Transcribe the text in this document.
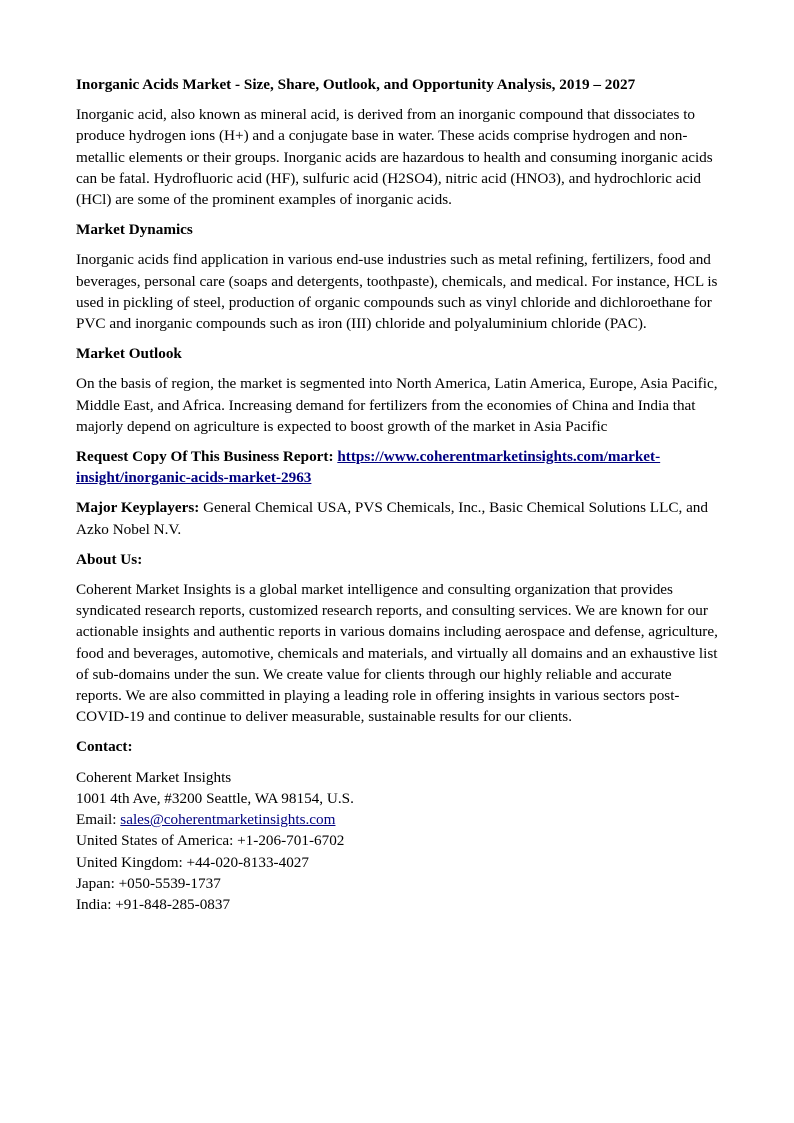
Inorganic Acids Market - Size, Share, Outlook, and Opportunity Analysis, 2019 – 2027

Inorganic acid, also known as mineral acid, is derived from an inorganic compound that dissociates to produce hydrogen ions (H+) and a conjugate base in water. These acids comprise hydrogen and non-metallic elements or their groups. Inorganic acids are hazardous to health and consuming inorganic acids can be fatal. Hydrofluoric acid (HF), sulfuric acid (H2SO4), nitric acid (HNO3), and hydrochloric acid (HCl) are some of the prominent examples of inorganic acids.

Market Dynamics

Inorganic acids find application in various end-use industries such as metal refining, fertilizers, food and beverages, personal care (soaps and detergents, toothpaste), chemicals, and medical. For instance, HCL is used in pickling of steel, production of organic compounds such as vinyl chloride and dichloroethane for PVC and inorganic compounds such as iron (III) chloride and polyaluminium chloride (PAC).

Market Outlook

On the basis of region, the market is segmented into North America, Latin America, Europe, Asia Pacific, Middle East, and Africa. Increasing demand for fertilizers from the economies of China and India that majorly depend on agriculture is expected to boost growth of the market in Asia Pacific

Request Copy Of This Business Report: https://www.coherentmarketinsights.com/market-insight/inorganic-acids-market-2963

Major Keyplayers: General Chemical USA, PVS Chemicals, Inc., Basic Chemical Solutions LLC, and Azko Nobel N.V.

About Us:

Coherent Market Insights is a global market intelligence and consulting organization that provides syndicated research reports, customized research reports, and consulting services. We are known for our actionable insights and authentic reports in various domains including aerospace and defense, agriculture, food and beverages, automotive, chemicals and materials, and virtually all domains and an exhaustive list of sub-domains under the sun. We create value for clients through our highly reliable and accurate reports. We are also committed in playing a leading role in offering insights in various sectors post-COVID-19 and continue to deliver measurable, sustainable results for our clients.

Contact:

Coherent Market Insights
1001 4th Ave, #3200 Seattle, WA 98154, U.S.
Email: sales@coherentmarketinsights.com
United States of America: +1-206-701-6702
United Kingdom: +44-020-8133-4027
Japan: +050-5539-1737
India: +91-848-285-0837
